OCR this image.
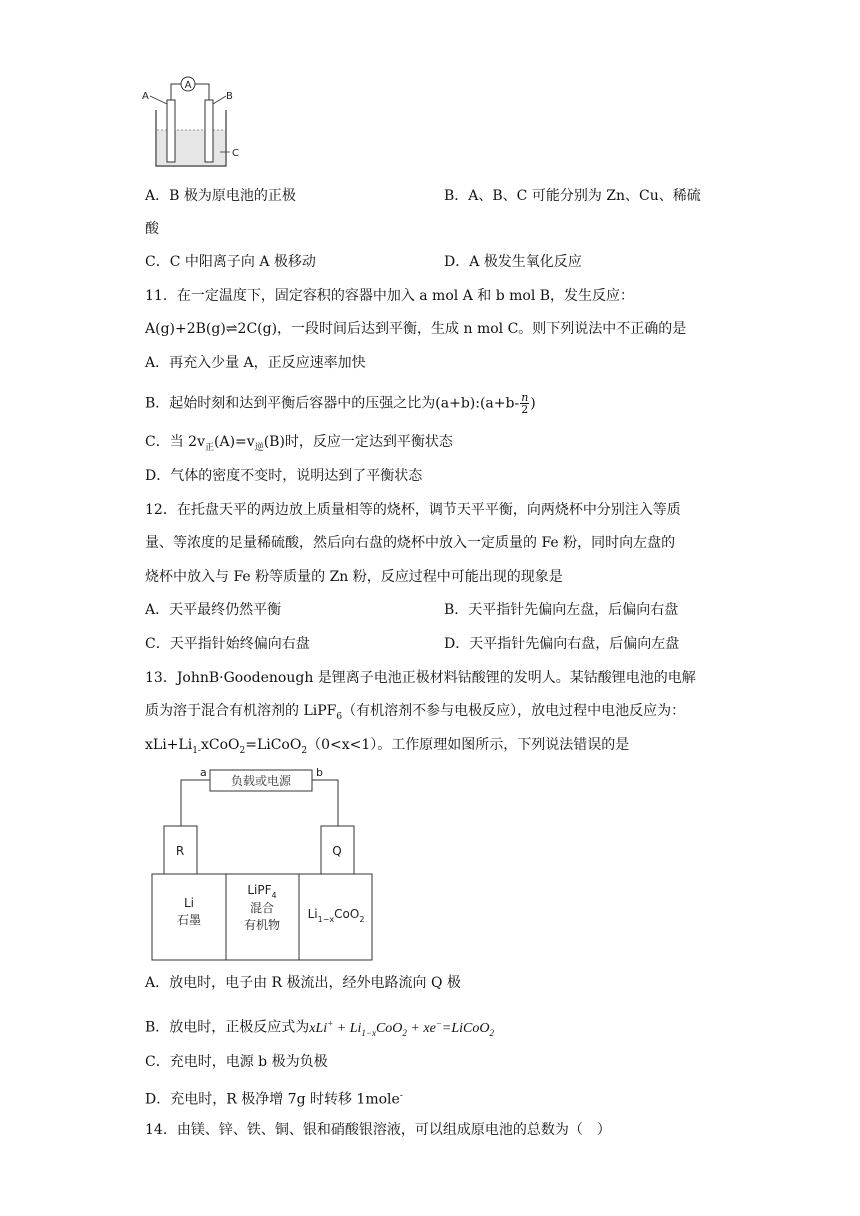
A
A	B
C
A．B 极为原电池的正极	B．A、B、C 可能分别为 Zn、Cu、稀硫
酸
C．C 中阳离子向 A 极移动	D．A 极发生氧化反应
11．在一定温度下，固定容积的容器中加入 a mol A 和 b mol B，发生反应：
A(g)+2B(g)⇌2C(g)，一段时间后达到平衡，生成 n mol C。则下列说法中不正确的是
A．再充入少量 A，正反应速率加快
B．起始时刻和达到平衡后容器中的压强之比为(a+b):(a+b- $\frac{n}{2}$ )
C．当 $2v_正(A)=v_逆(B)$时，反应一定达到平衡状态
D．气体的密度不变时，说明达到了平衡状态
12．在托盘天平的两边放上质量相等的烧杯，调节天平平衡，向两烧杯中分别注入等质
量、等浓度的足量稀硫酸，然后向右盘的烧杯中放入一定质量的 Fe 粉，同时向左盘的
烧杯中放入与 Fe 粉等质量的 Zn 粉，反应过程中可能出现的现象是
A．天平最终仍然平衡	B．天平指针先偏向左盘，后偏向右盘
C．天平指针始终偏向右盘	D．天平指针先偏向右盘，后偏向左盘
13．JohnB·Goodenough 是锂离子电池正极材料钴酸锂的发明人。某钴酸锂电池的电解
质为溶于混合有机溶剂的 LiPF$_6$（有机溶剂不参与电极反应），放电过程中电池反应为：
$xLi+Li_{1-}xCoO_2=LiCoO_2(0<x<1)$。工作原理如图所示，下列说法错误的是
a	b
负载或电源
R	Q
Li
石墨
LiPF$_4$
混合
有机物
$Li_{1-x}CoO_2$
A．放电时，电子由 R 极流出，经外电路流向 Q 极
B．放电时，正极反应式为$xLi^+ + Li_{1-x}CoO_2$ + xe−=LiCoO$_2$
C．充电时，电源 b 极为负极
D．充电时，R 极净增 7g 时转移 1mole-
14．由镁、锌、铁、铜、银和硝酸银溶液，可以组成原电池的总数为（　）
